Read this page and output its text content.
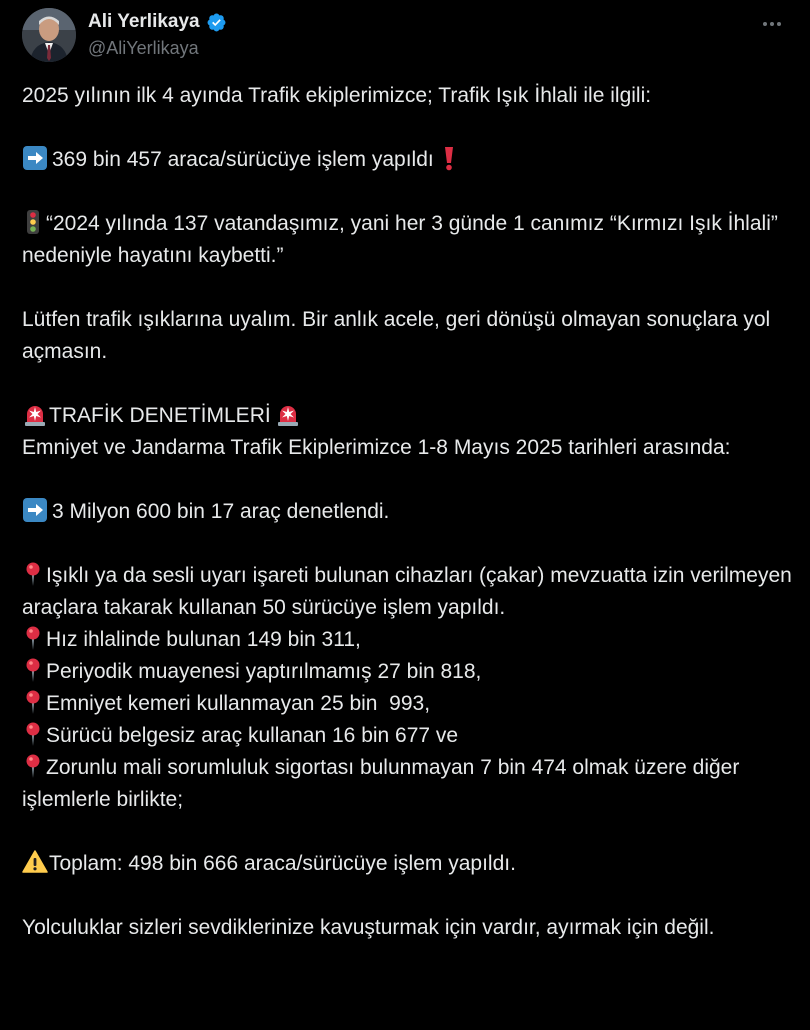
Ali Yerlikaya
@AliYerlikaya

2025 yılının ilk 4 ayında Trafik ekiplerimizce; Trafik Işık İhlali ile ilgili:

369 bin 457 araca/sürücüye işlem yapıldı

“2024 yılında 137 vatandaşımız, yani her 3 günde 1 canımız “Kırmızı Işık İhlali” nedeniyle hayatını kaybetti.”

Lütfen trafik ışıklarına uyalım. Bir anlık acele, geri dönüşü olmayan sonuçlara yol açmasın.

TRAFİK DENETİMLERİ

Emniyet ve Jandarma Trafik Ekiplerimizce 1-8 Mayıs 2025 tarihleri arasında:

3 Milyon 600 bin 17 araç denetlendi.

Işıklı ya da sesli uyarı işareti bulunan cihazları (çakar) mevzuatta izin verilmeyen araçlara takarak kullanan 50 sürücüye işlem yapıldı.

Hız ihlalinde bulunan 149 bin 311,

Periyodik muayenesi yaptırılmamış 27 bin 818,

Emniyet kemeri kullanmayan 25 bin  993,

Sürücü belgesiz araç kullanan 16 bin 677 ve

Zorunlu mali sorumluluk sigortası bulunmayan 7 bin 474 olmak üzere diğer işlemlerle birlikte;

Toplam: 498 bin 666 araca/sürücüye işlem yapıldı.

Yolculuklar sizleri sevdiklerinize kavuşturmak için vardır, ayırmak için değil.
